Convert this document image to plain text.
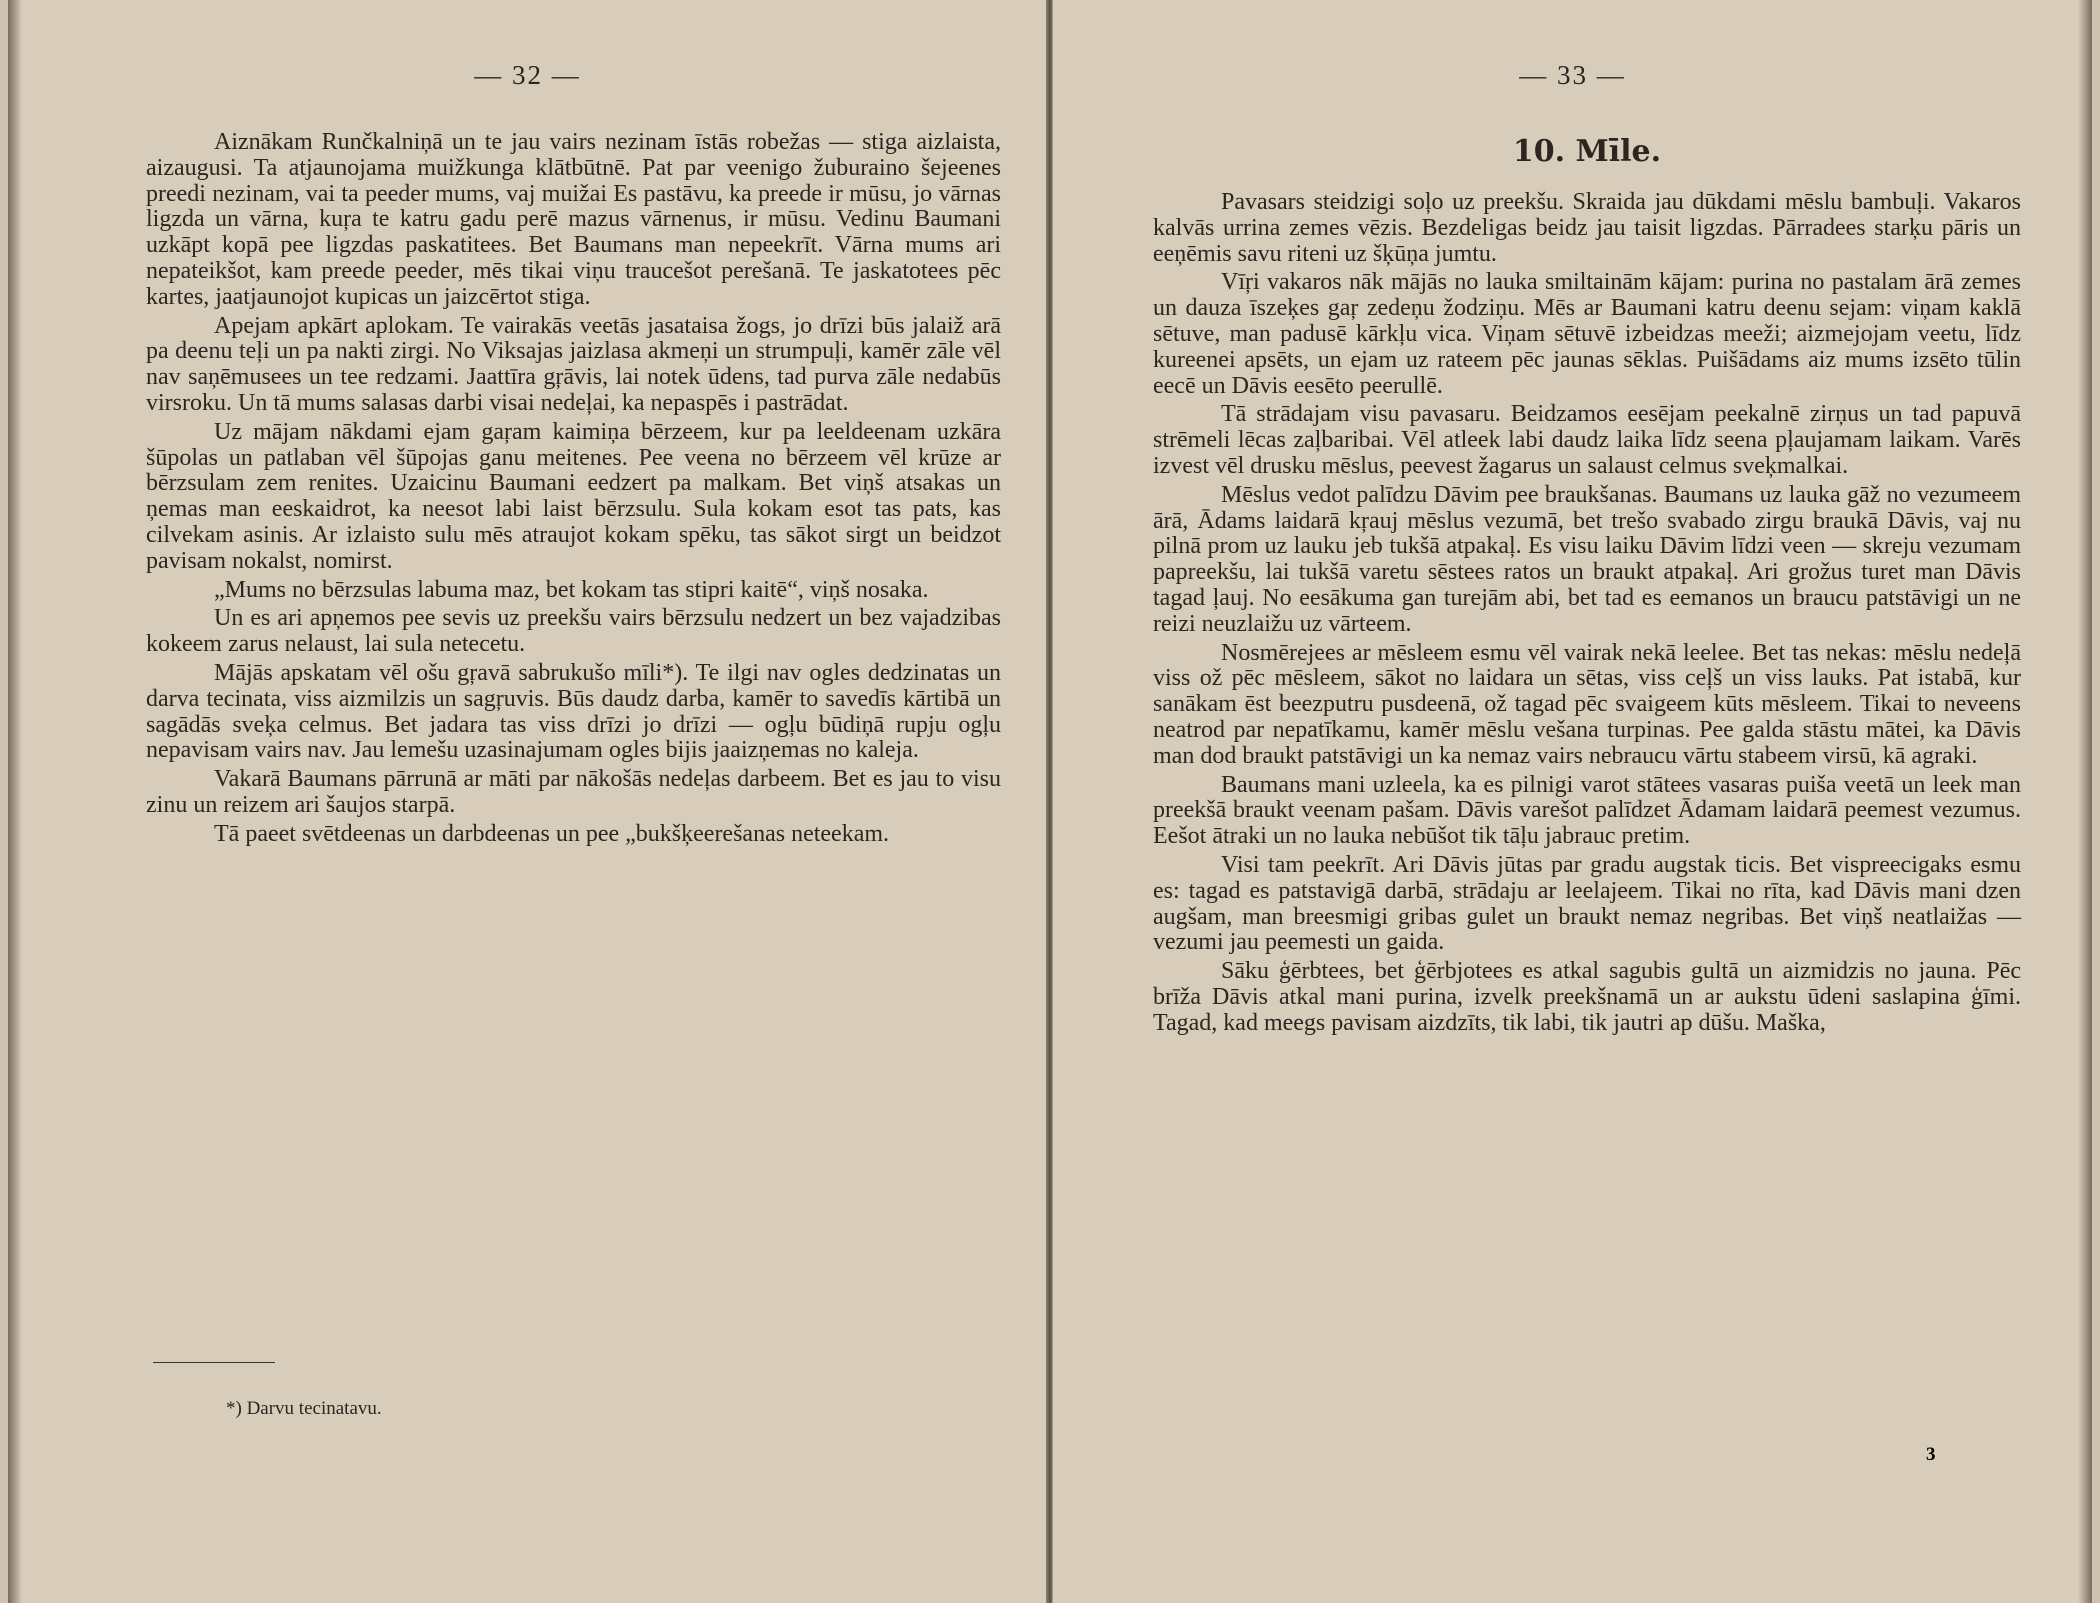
— 32 —

Aiznākam Runčkalniņā un te jau vairs nezinam īstās robežas — stiga aizlaista, aizaugusi. Ta atjaunojama muižkunga klātbūtnē. Pat par veenigo žuburaino šejeenes preedi nezinam, vai ta peeder mums, vaj muižai Es pastāvu, ka preede ir mūsu, jo vārnas ligzda un vārna, kuŗa te katru gadu perē mazus vārnenus, ir mūsu. Vedinu Baumani uzkāpt kopā pee ligzdas paskatitees. Bet Baumans man nepeekrīt. Vārna mums ari nepateikšot, kam preede peeder, mēs tikai viņu traucešot perešanā. Te jaskatotees pēc kartes, jaatjaunojot kupicas un jaizcērtot stiga.

Apejam apkārt aplokam. Te vairakās veetās jasataisa žogs, jo drīzi būs jalaiž arā pa deenu teļi un pa nakti zirgi. No Viksajas jaizlasa akmeņi un strumpuļi, kamēr zāle vēl nav saņēmusees un tee redzami. Jaattīra gŗāvis, lai notek ūdens, tad purva zāle nedabūs virsroku. Un tā mums salasas darbi visai nedeļai, ka nepaspēs i pastrādat.

Uz mājam nākdami ejam gaŗam kaimiņa bērzeem, kur pa leeldeenam uzkāra šūpolas un patlaban vēl šūpojas ganu meitenes. Pee veena no bērzeem vēl krūze ar bērzsulam zem renites. Uzaicinu Baumani eedzert pa malkam. Bet viņš atsakas un ņemas man eeskaidrot, ka neesot labi laist bērzsulu. Sula kokam esot tas pats, kas cilvekam asinis. Ar izlaisto sulu mēs atraujot kokam spēku, tas sākot sirgt un beidzot pavisam nokalst, nomirst.

„Mums no bērzsulas labuma maz, bet kokam tas stipri kaitē“, viņš nosaka.

Un es ari apņemos pee sevis uz preekšu vairs bērzsulu nedzert un bez vajadzibas kokeem zarus nelaust, lai sula netecetu.

Mājās apskatam vēl ošu gŗavā sabrukušo mīli*). Te ilgi nav ogles dedzinatas un darva tecinata, viss aizmilzis un sagŗuvis. Būs daudz darba, kamēr to savedīs kārtibā un sagādās sveķa celmus. Bet jadara tas viss drīzi jo drīzi — ogļu būdiņā rupju ogļu nepavisam vairs nav. Jau lemešu uzasinajumam ogles bijis jaaizņemas no kaleja.

Vakarā Baumans pārrunā ar māti par nākošās nedeļas darbeem. Bet es jau to visu zinu un reizem ari šaujos starpā.

Tā paeet svētdeenas un darbdeenas un pee „bukšķeerešanas neteekam.

*) Darvu tecinatavu.
— 33 —
10. Mīle.

Pavasars steidzigi soļo uz preekšu. Skraida jau dūkdami mēslu bambuļi. Vakaros kalvās urrina zemes vēzis. Bezdeligas beidz jau taisit ligzdas. Pārradees starķu pāris un eeņēmis savu riteni uz šķūņa jumtu.

Vīŗi vakaros nāk mājās no lauka smiltainām kājam: purina no pastalam ārā zemes un dauza īszeķes gaŗ zedeņu žodziņu. Mēs ar Baumani katru deenu sejam: viņam kaklā sētuve, man padusē kārkļu vica. Viņam sētuvē izbeidzas meeži; aizmejojam veetu, līdz kureenei apsēts, un ejam uz rateem pēc jaunas sēklas. Puišādams aiz mums izsēto tūlin eecē un Dāvis eesēto peerullē.

Tā strādajam visu pavasaru. Beidzamos eesējam peekalnē zirņus un tad papuvā strēmeli lēcas zaļbaribai. Vēl atleek labi daudz laika līdz seena pļaujamam laikam. Varēs izvest vēl drusku mēslus, peevest žagarus un salaust celmus sveķmalkai.

Mēslus vedot palīdzu Dāvim pee braukšanas. Baumans uz lauka gāž no vezumeem ārā, Ādams laidarā kŗauj mēslus vezumā, bet trešo svabado zirgu braukā Dāvis, vaj nu pilnā prom uz lauku jeb tukšā atpakaļ. Es visu laiku Dāvim līdzi veen — skreju vezumam papreekšu, lai tukšā varetu sēstees ratos un braukt atpakaļ. Ari grožus turet man Dāvis tagad ļauj. No eesākuma gan turejām abi, bet tad es eemanos un braucu patstāvigi un ne reizi neuzlaižu uz vārteem.

Nosmērejees ar mēsleem esmu vēl vairak nekā leelee. Bet tas nekas: mēslu nedeļā viss ož pēc mēsleem, sākot no laidara un sētas, viss ceļš un viss lauks. Pat istabā, kur sanākam ēst beezputru pusdeenā, ož tagad pēc svaigeem kūts mēsleem. Tikai to neveens neatrod par nepatīkamu, kamēr mēslu vešana turpinas. Pee galda stāstu mātei, ka Dāvis man dod braukt patstāvigi un ka nemaz vairs nebraucu vārtu stabeem virsū, kā agraki.

Baumans mani uzleela, ka es pilnigi varot stātees vasaras puiša veetā un leek man preekšā braukt veenam pašam. Dāvis varešot palīdzet Ādamam laidarā peemest vezumus. Eešot ātraki un no lauka nebūšot tik tāļu jabrauc pretim.

Visi tam peekrīt. Ari Dāvis jūtas par gradu augstak ticis. Bet vispreecigaks esmu es: tagad es patstavigā darbā, strādaju ar leelajeem. Tikai no rīta, kad Dāvis mani dzen augšam, man breesmigi gribas gulet un braukt nemaz negribas. Bet viņš neatlaižas — vezumi jau peemesti un gaida.

Sāku ģērbtees, bet ģērbjotees es atkal sagubis gultā un aizmidzis no jauna. Pēc brīža Dāvis atkal mani purina, izvelk preekšnamā un ar aukstu ūdeni saslapina ģīmi. Tagad, kad meegs pavisam aizdzīts, tik labi, tik jautri ap dūšu. Maška,

3
